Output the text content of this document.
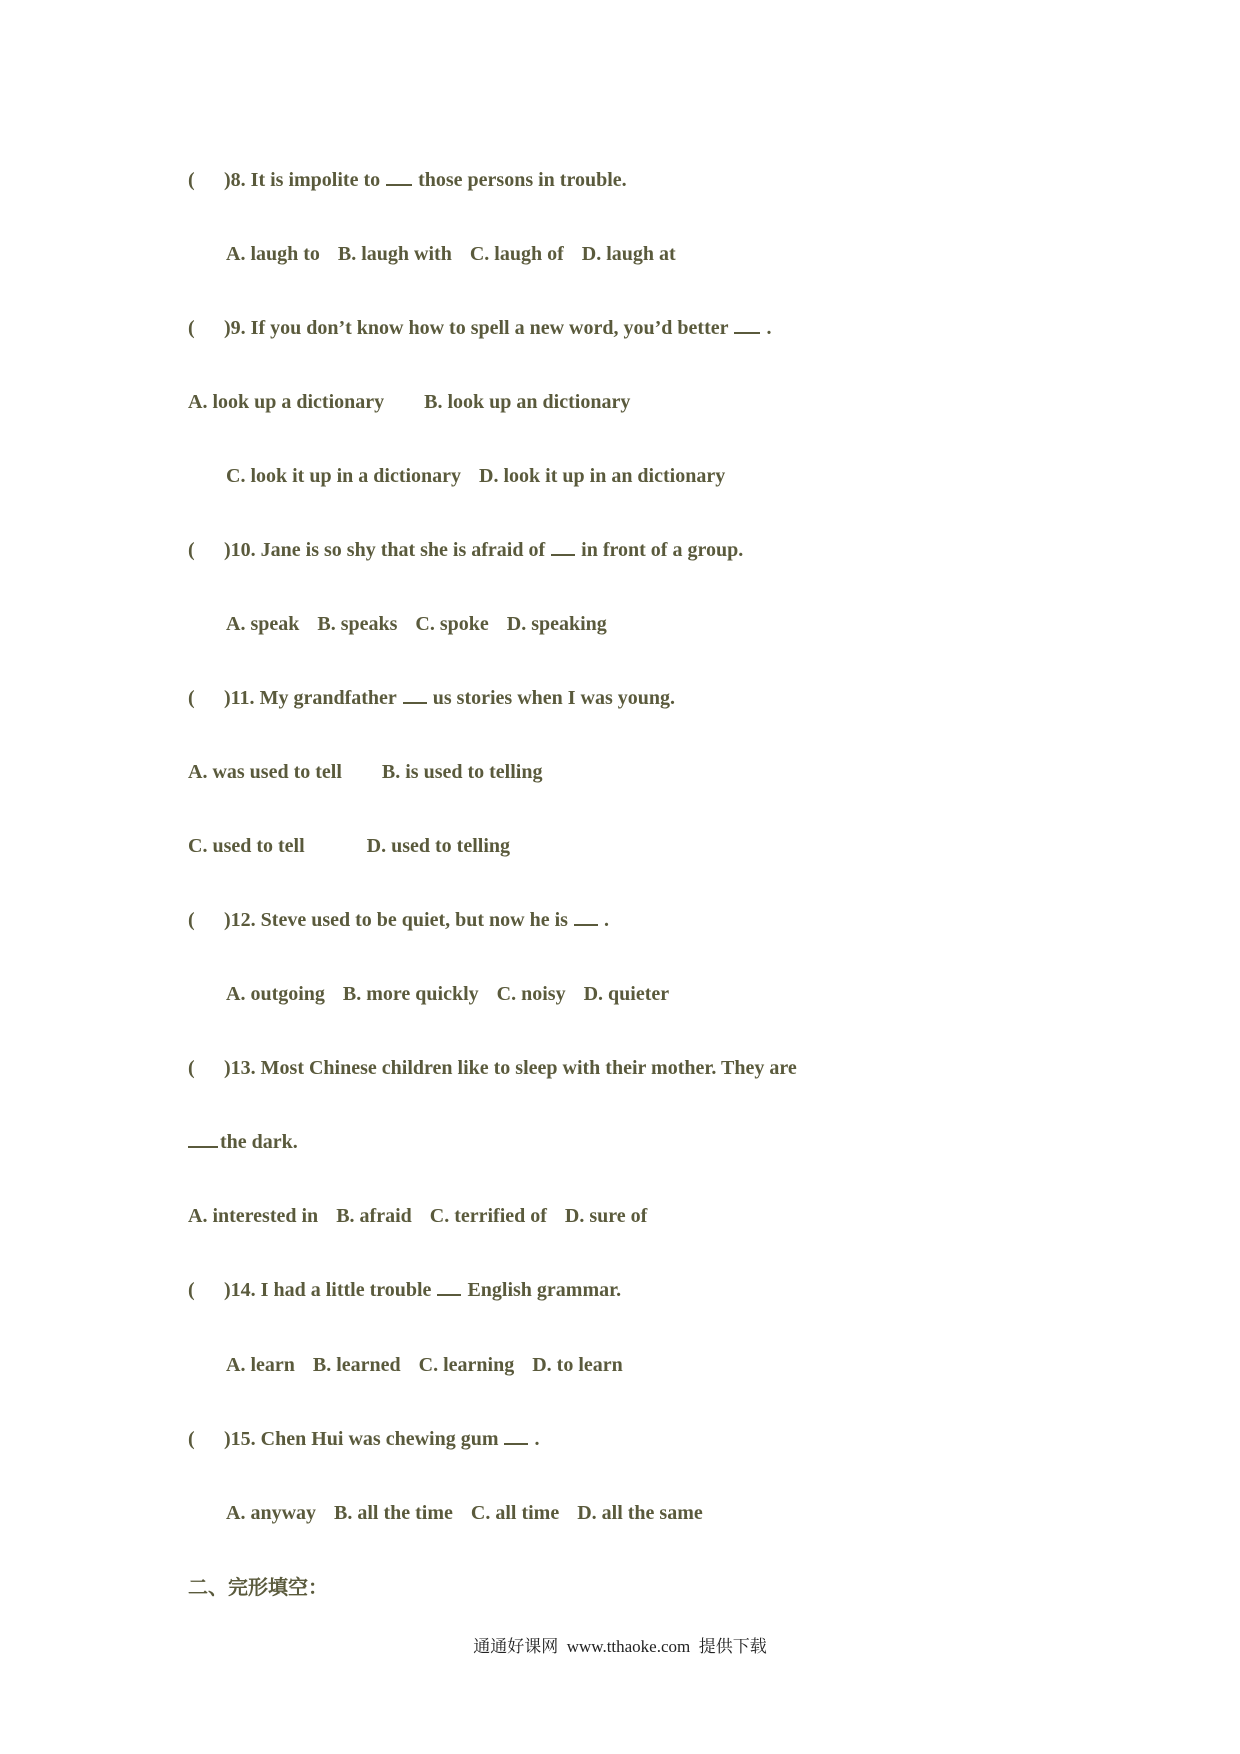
( )8. It is impolite to those persons in trouble.
A. laugh to B. laugh with C. laugh of D. laugh at
( )9. If you don’t know how to spell a new word, you’d better .
A. look up a dictionary B. look up an dictionary
C. look it up in a dictionary D. look it up in an dictionary
( )10. Jane is so shy that she is afraid of in front of a group.
A. speak B. speaks C. spoke D. speaking
( )11. My grandfather us stories when I was young.
A. was used to tell B. is used to telling
C. used to tell	D. used to telling
( )12. Steve used to be quiet, but now he is .
A. outgoing B. more quickly C. noisy D. quieter
( )13. Most Chinese children like to sleep with their mother. They are
the dark.
A. interested in B. afraid C. terrified of D. sure of
( )14. I had a little trouble English grammar.
A. learn B. learned C. learning D. to learn
( )15. Chen Hui was chewing gum .
A. anyway B. all the time C. all time D. all the same
二、完形填空：
通通好课网  www.tthaoke.com  提供下载
